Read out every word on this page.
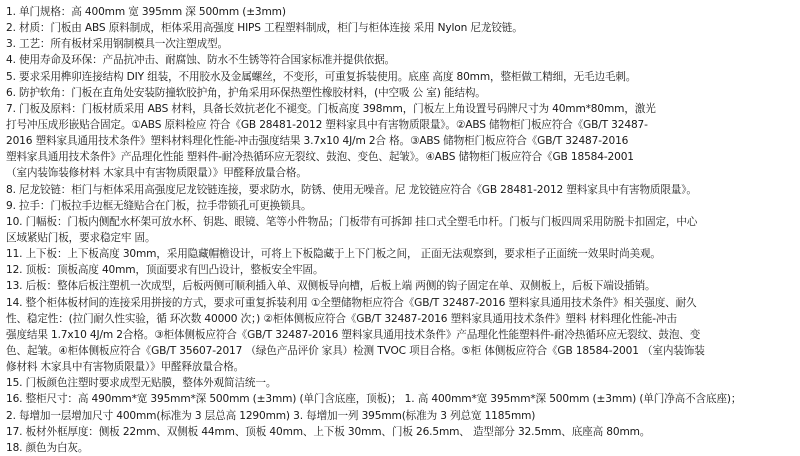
1. 单门规格：高 400mm 宽 395mm 深 500mm (±3mm)
2. 材质：门板由 ABS 原料制成，柜体采用高强度 HIPS 工程塑料制成，柜门与柜体连接 采用 Nylon 尼龙铰链。
3. 工艺：所有板材采用钢制模具一次注塑成型。
4. 使用寿命及环保：产品抗冲击、耐腐蚀、防水不生锈等符合国家标准并提供依据。
5. 要求采用榫卯连接结构 DIY 组装，不用胶水及金属螺丝，不变形，可重复拆装使用。底座 高度 80mm，整柜做工精细，无毛边毛刺。
6. 防护软角：门板在直角处安装防撞软胶护角，护角采用环保热塑性橡胶材料，(中空吸 公 室) 能结构。
7. 门板及原料：门板材质采用 ABS 材料，具备长效抗老化不褪变。门板高度 398mm，门板左上角设置号码牌尺寸为 40mm*80mm，激光
打号冲压成形嵌贴合固定。①ABS 原料检应 符合《GB 28481-2012 塑料家具中有害物质限量》。②ABS 储物柜门板应符合《GB/T 32487-
2016 塑料家具通用技术条件》塑料材料理化性能-冲击强度结果 3.7x10 4J/m 2合 格。③ABS 储物柜门板应符合《GB/T 32487-2016
塑料家具通用技术条件》产品理化性能 塑料件-耐冷热循环应无裂纹、鼓泡、变色、起皱》。④ABS 储物柜门板应符合《GB 18584-2001
（室内装饰装修材料 木家具中有害物质限量）》甲醛释放量合格。
8. 尼龙铰链：柜门与柜体采用高强度尼龙铰链连接，要求防水，防锈、使用无噪音。尼 龙铰链应符合《GB 28481-2012 塑料家具中有害物质限量》。
9. 拉手：门板拉手边框无缝贴合在门板，拉手带锁孔可更换锁具。
10. 门幅板：门板内侧配水杯架可放水杯、钥匙、眼镜、笔等小件物品；门板带有可拆卸 挂口式全塑毛巾杆。门板与门板四周采用防脱卡扣固定，中心
区域紧贴门板，要求稳定牢 固。
11. 上下板：上下板高度 30mm，采用隐藏帽檐设计，可将上下板隐藏于上下门板之间， 正面无法观察到，要求柜子正面统一效果时尚美观。
12. 顶板：顶板高度 40mm，顶面要求有凹凸设计，整板安全牢固。
13. 后板：整体后板注塑机一次成型，后板两侧可顺利插入单、双侧板导向槽，后板上端 两侧的钩子固定在单、双侧板上，后板下端设插销。
14. 整个柜体板材间的连接采用拼接的方式，要求可重复拆装利用 ①全塑储物柜应符合《GB/T 32487-2016 塑料家具通用技术条件》相关强度、耐久
性、稳定性：(拉门耐久性实验，循 环次数 40000 次；) ②柜体侧板应符合《GB/T 32487-2016 塑料家具通用技术条件》塑料 材料理化性能-冲击
强度结果 1.7x10 4J/m 2合格。③柜体侧板应符合《GB/T 32487-2016 塑料家具通用技术条件》产品理化性能塑料件-耐冷热循环应无裂纹、鼓泡、变
色、起皱。④柜体侧板应符合《GB/T 35607-2017 （绿色产品评价 家具）检测 TVOC 项目合格。⑤柜 体侧板应符合《GB 18584-2001 （室内装饰装
修材料 木家具中有害物质限量）》甲醛释放量合格。
15. 门板颜色注塑时要求成型无贴膜，整体外观简洁统一。
16. 整柜尺寸：高 490mm*宽 395mm*深 500mm (±3mm) (单门含底座，顶板)； 1. 高 400mm*宽 395mm*深 500mm (±3mm) (单门净高不含底座)；
2. 每增加一层增加尺寸 400mm(标准为 3 层总高 1290mm) 3. 每增加一列 395mm(标准为 3 列总宽 1185mm)
17. 板材外框厚度：侧板 22mm、双侧板 44mm、顶板 40mm、上下板 30mm、门板 26.5mm、 造型部分 32.5mm、底座高 80mm。
18. 颜色为白灰。
